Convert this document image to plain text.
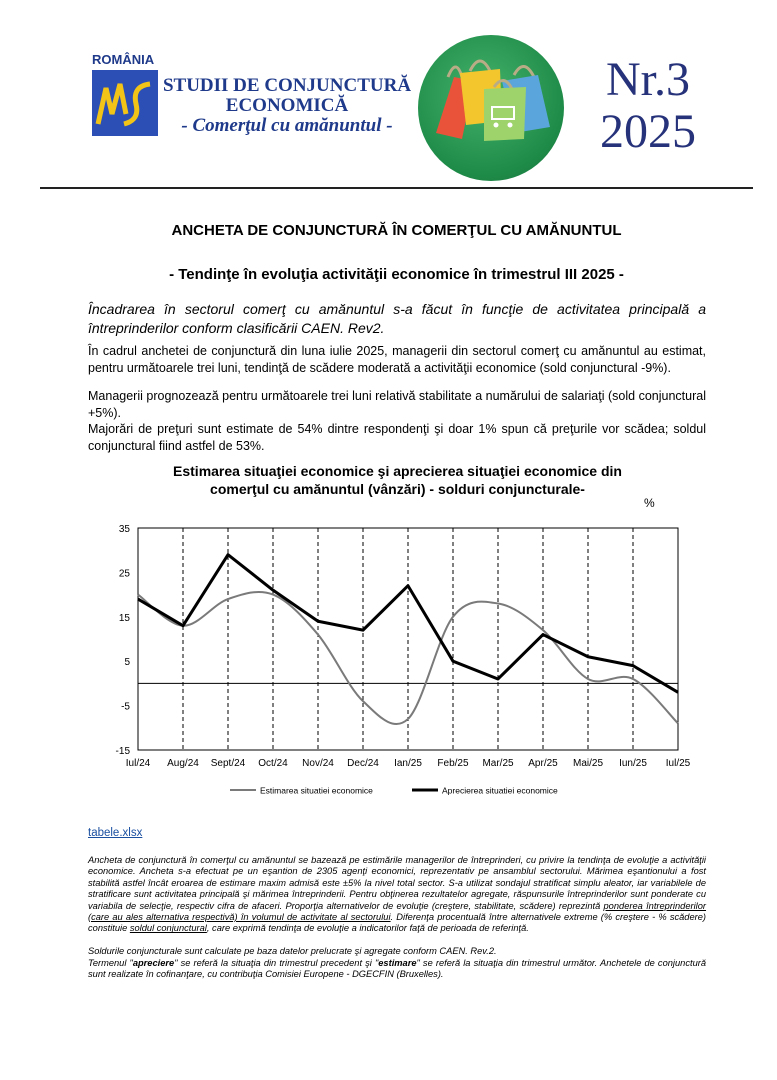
ROMÂNIA
INS
STUDII DE CONJUNCTURĂ
ECONOMICĂ
- Comerţul cu amănuntul -
Nr.3
2025
ANCHETA DE CONJUNCTURĂ ÎN COMERŢUL CU AMĂNUNTUL
- Tendinţe în evoluţia activităţii economice în trimestrul III 2025 -
Încadrarea în sectorul comerţ cu amănuntul s-a făcut în funcţie de activitatea principală a întreprinderilor conform clasificării CAEN. Rev2.
În cadrul anchetei de conjunctură din luna iulie 2025, managerii din sectorul comerţ cu amănuntul au estimat, pentru următoarele trei luni, tendinţă de scădere moderată a activităţii economice (sold conjunctural -9%).
Managerii prognozează pentru următoarele trei luni relativă stabilitate a numărului de salariaţi (sold conjunctural +5%).
Majorări de preţuri sunt estimate de 54% dintre respondenţi şi doar 1% spun că preţurile vor scădea; soldul conjunctural fiind astfel de 53%.
Estimarea situaţiei economice şi aprecierea situaţiei economice din comerţul cu amănuntul (vânzări) - solduri conjuncturale-
%
35
25
15
5
-5
-15
Iul/24 Aug/24 Sept/24 Oct/24 Nov/24 Dec/24 Ian/25 Feb/25 Mar/25 Apr/25 Mai/25 Iun/25 Iul/25
Estimarea situatiei economice	Aprecierea situatiei economice
tabele.xlsx
Ancheta de conjunctură în comerţul cu amănuntul se bazează pe estimările managerilor de întreprinderi, cu privire la tendinţa de evoluţie a activităţii economice. Ancheta s-a efectuat pe un eşantion de 2305 agenţi economici, reprezentativ pe ansamblul sectorului. Mărimea eşantionului a fost stabilită astfel încât eroarea de estimare maxim admisă este ±5% la nivel total sector. S-a utilizat sondajul stratificat simplu aleator, iar variabilele de stratificare sunt activitatea principală şi mărimea întreprinderii. Pentru obţinerea rezultatelor agregate, răspunsurile întreprinderilor sunt ponderate cu variabila de selecţie, respectiv cifra de afaceri. Proporţia alternativelor de evoluţie (creştere, stabilitate, scădere) reprezintă ponderea întreprinderilor (care au ales alternativa respectivă) în volumul de activitate al sectorului. Diferenţa procentuală între alternativele extreme (% creştere - % scădere) constituie soldul conjunctural, care exprimă tendinţa de evoluţie a indicatorilor faţă de perioada de referinţă.
Soldurile conjuncturale sunt calculate pe baza datelor prelucrate şi agregate conform CAEN. Rev.2.
Termenul "apreciere" se referă la situaţia din trimestrul precedent şi "estimare" se referă la situaţia din trimestrul următor. Anchetele de conjunctură sunt realizate în cofinanţare, cu contribuţia Comisiei Europene - DGECFIN (Bruxelles).
